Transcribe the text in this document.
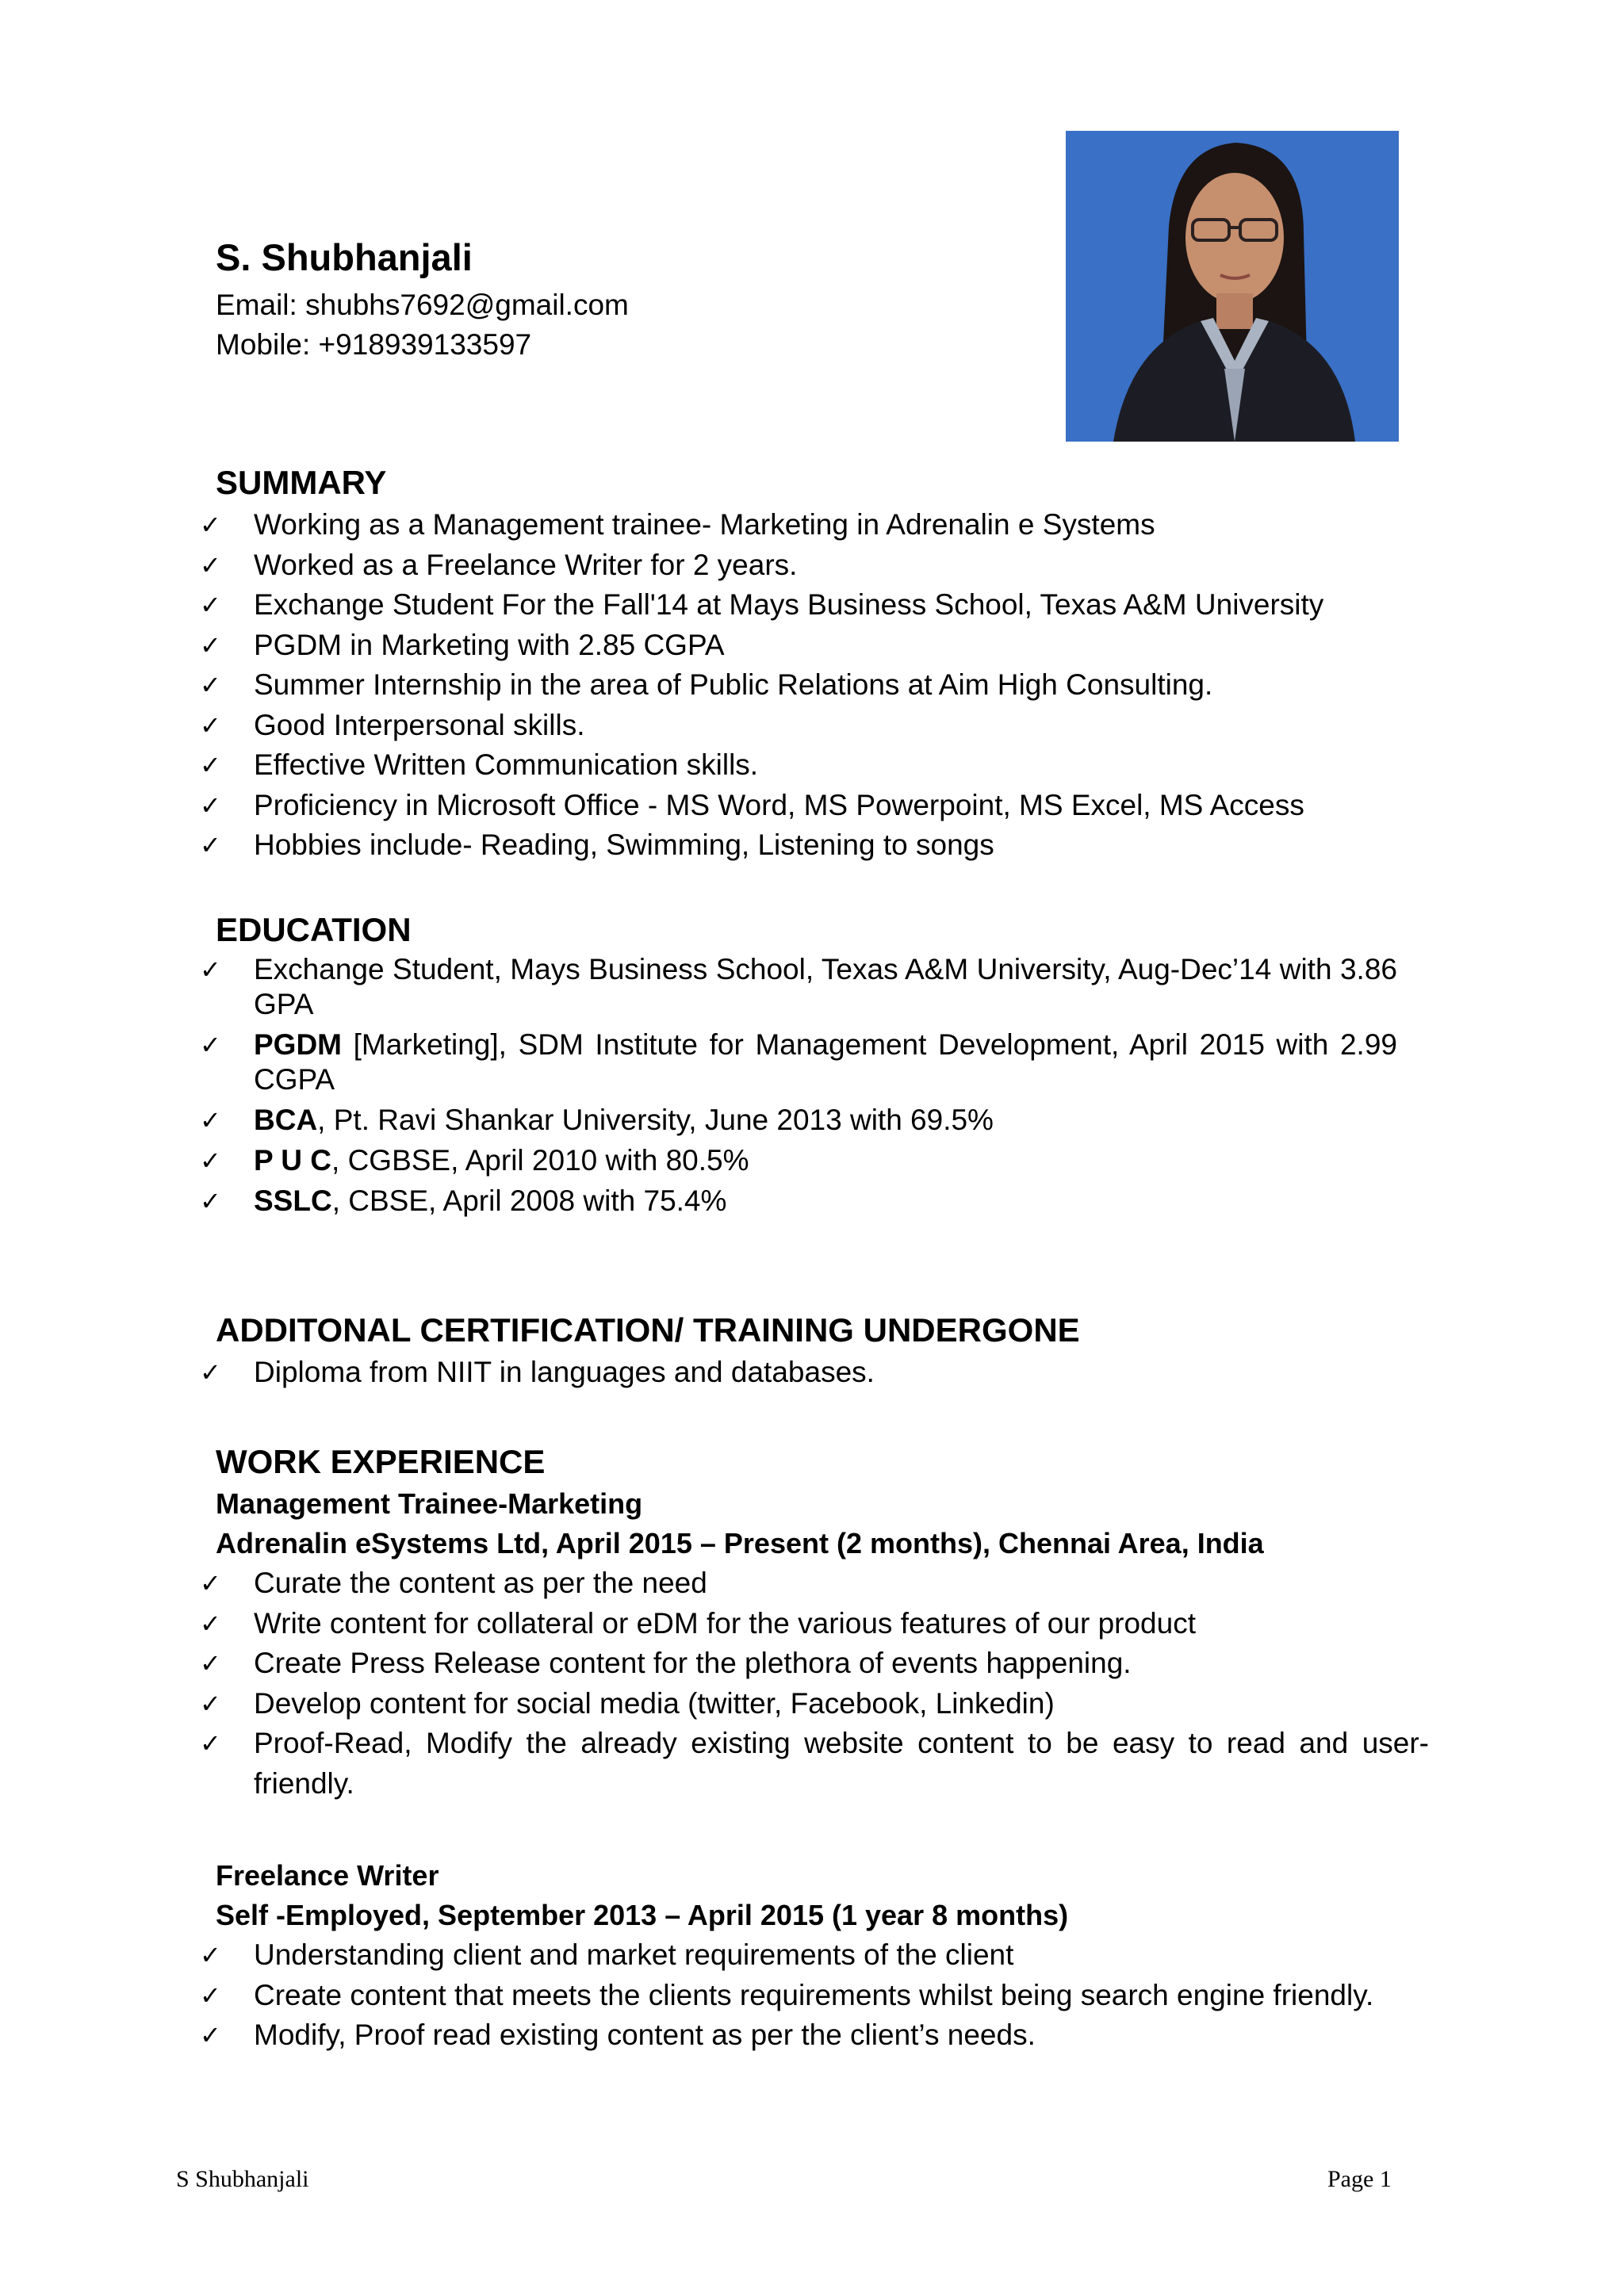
S. Shubhanjali
Email: shubhs7692@gmail.com
Mobile: +918939133597
SUMMARY
✓ Working as a Management trainee- Marketing in Adrenalin e Systems
✓ Worked as a Freelance Writer for 2 years.
✓ Exchange Student For the Fall'14 at Mays Business School, Texas A&M University
✓ PGDM in Marketing with 2.85 CGPA
✓ Summer Internship in the area of Public Relations at Aim High Consulting.
✓ Good Interpersonal skills.
✓ Effective Written Communication skills.
✓ Proficiency in Microsoft Office - MS Word, MS Powerpoint, MS Excel, MS Access
✓ Hobbies include- Reading, Swimming, Listening to songs
EDUCATION
✓ Exchange Student, Mays Business School, Texas A&M University, Aug-Dec’14 with 3.86 GPA
✓ PGDM [Marketing], SDM Institute for Management Development, April 2015 with 2.99 CGPA
✓ BCA, Pt. Ravi Shankar University, June 2013 with 69.5%
✓ P U C, CGBSE, April 2010 with 80.5%
✓ SSLC, CBSE, April 2008 with 75.4%
ADDITONAL CERTIFICATION/ TRAINING UNDERGONE
✓ Diploma from NIIT in languages and databases.
WORK EXPERIENCE
Management Trainee-Marketing
Adrenalin eSystems Ltd, April 2015 – Present (2 months), Chennai Area, India
✓ Curate the content as per the need
✓ Write content for collateral or eDM for the various features of our product
✓ Create Press Release content for the plethora of events happening.
✓ Develop content for social media (twitter, Facebook, Linkedin)
✓ Proof-Read, Modify the already existing website content to be easy to read and user-friendly.
Freelance Writer
Self -Employed, September 2013 – April 2015 (1 year 8 months)
✓ Understanding client and market requirements of the client
✓ Create content that meets the clients requirements whilst being search engine friendly.
✓ Modify, Proof read existing content as per the client’s needs.
S Shubhanjali	Page 1
